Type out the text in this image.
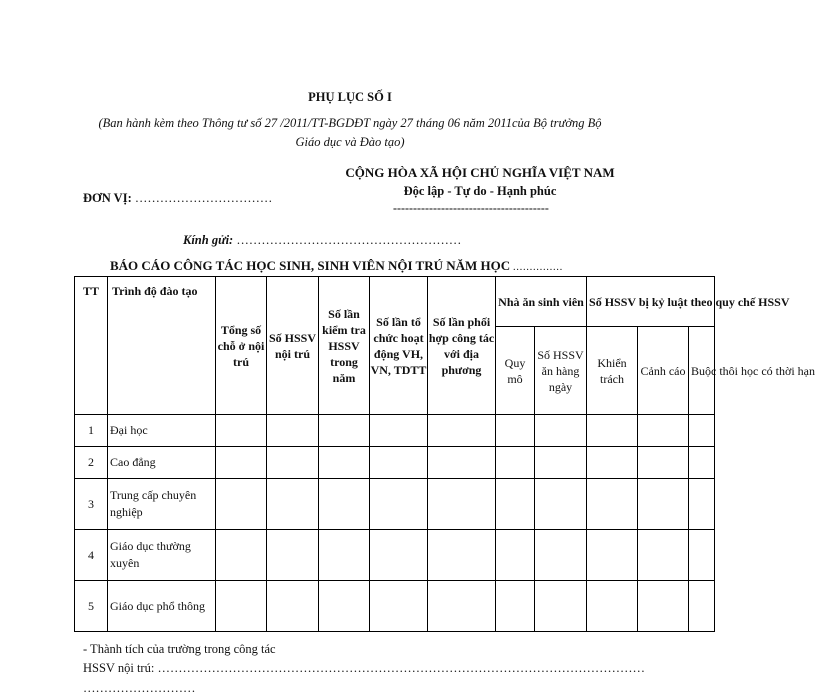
PHỤ LỤC SỐ I
(Ban hành kèm theo Thông tư số 27 /2011/TT-BGDĐT ngày 27 tháng 06 năm 2011của Bộ trưởng Bộ Giáo dục và Đào tạo)
CỘNG HÒA XÃ HỘI CHỦ NGHĨA VIỆT NAM
Độc lập - Tự do - Hạnh phúc
---------------------------------------
ĐƠN VỊ: ……………………………
Kính gửi: ………………………………………………
BÁO CÁO CÔNG TÁC HỌC SINH, SINH VIÊN NỘI TRÚ NĂM HỌC ……………
TT	Trình độ đào tạo	Tổng số chỗ ở nội trú	Số HSSV nội trú	Số lần kiểm tra HSSV trong năm	Số lần tổ chức hoạt động VH, VN, TDTT	Số lần phối hợp công tác với địa phương	Nhà ăn sinh viên		Số HSSV bị kỷ luật theo quy chế HSSV		
							Quy mô	Số HSSV ăn hàng ngày	Khiển trách	Cảnh cáo	Buộc thôi học có thời hạn
1	Đại học										
2	Cao đẳng										
3	Trung cấp chuyên nghiệp										
4	Giáo dục thường xuyên										
5	Giáo dục phổ thông										
- Thành tích của trường trong công tác
HSSV nội trú: ………………………………………………………………………………………………………
………………………
